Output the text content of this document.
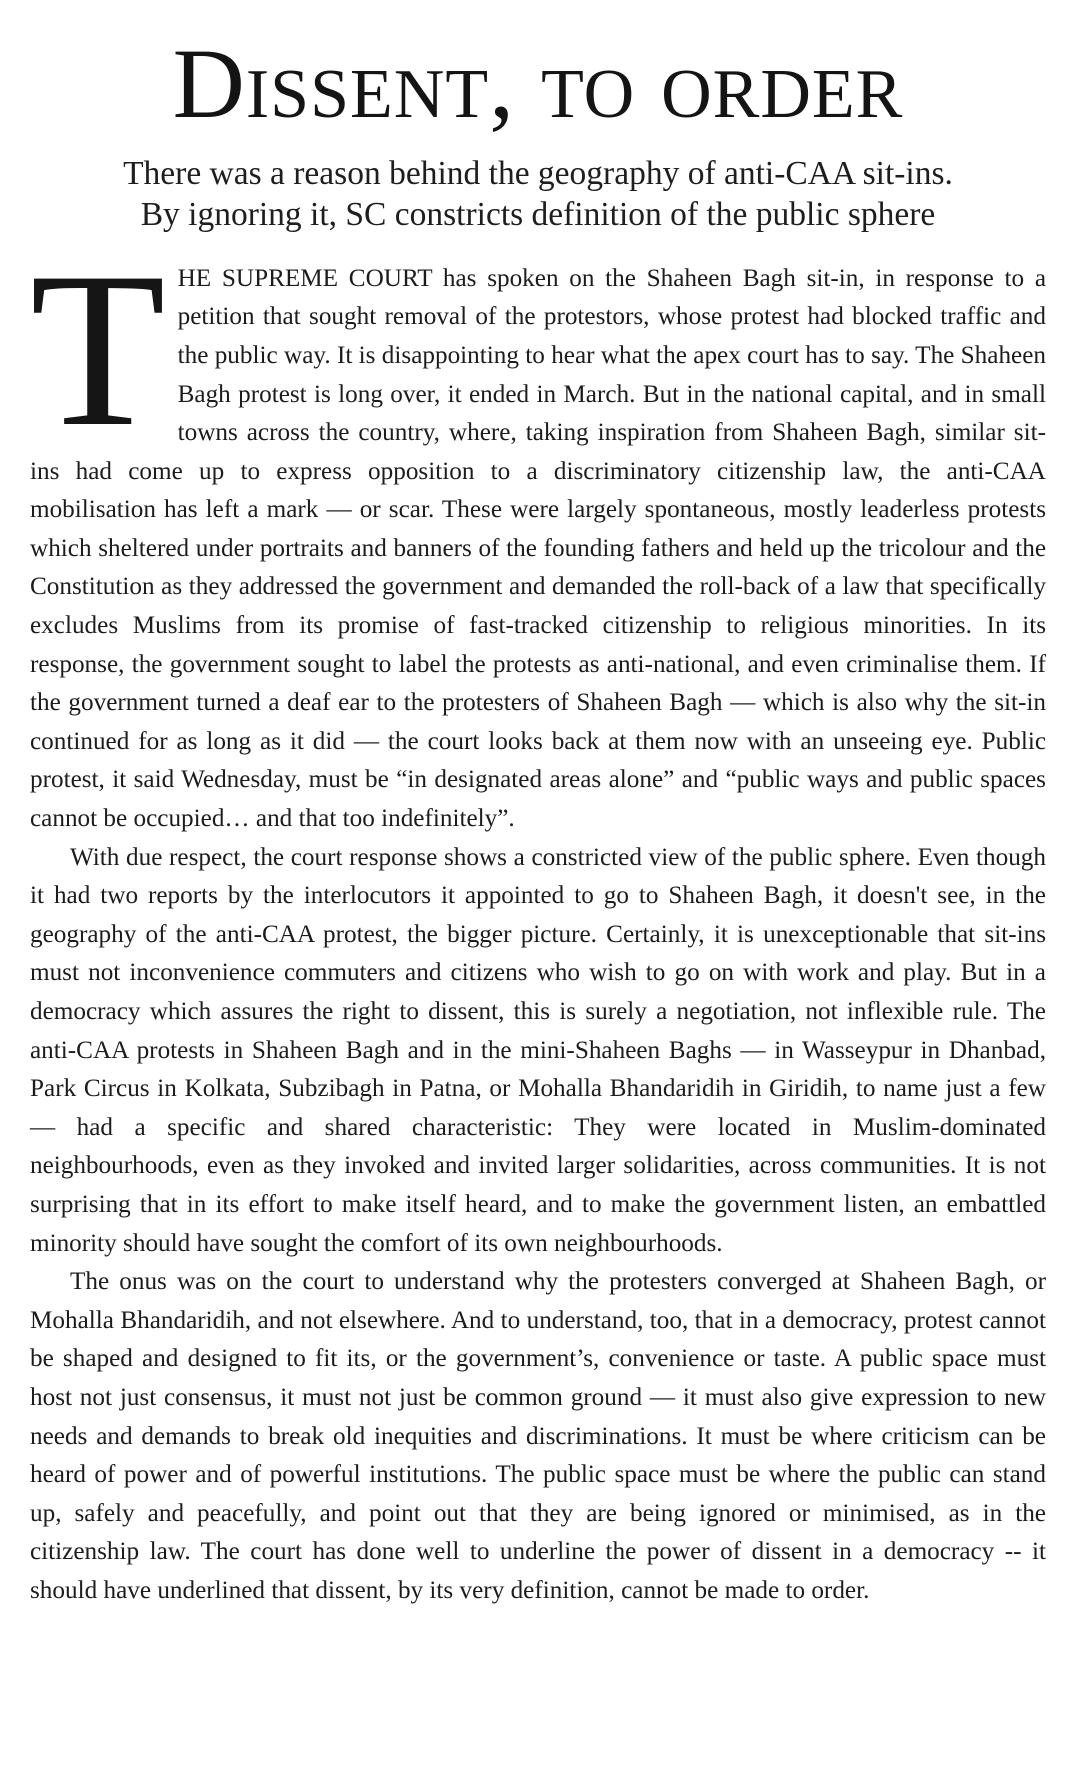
Dissent, to order
There was a reason behind the geography of anti-CAA sit-ins.
By ignoring it, SC constricts definition of the public sphere

THE SUPREME COURT has spoken on the Shaheen Bagh sit-in, in response to a petition that sought removal of the protestors, whose protest had blocked traffic and the public way. It is disappointing to hear what the apex court has to say. The Shaheen Bagh protest is long over, it ended in March. But in the national capital, and in small towns across the country, where, taking inspiration from Shaheen Bagh, similar sit-ins had come up to express opposition to a discriminatory citizenship law, the anti-CAA mobilisation has left a mark — or scar. These were largely spontaneous, mostly leaderless protests which sheltered under portraits and banners of the founding fathers and held up the tricolour and the Constitution as they addressed the government and demanded the roll-back of a law that specifically excludes Muslims from its promise of fast-tracked citizenship to religious minorities. In its response, the government sought to label the protests as anti-national, and even criminalise them. If the government turned a deaf ear to the protesters of Shaheen Bagh — which is also why the sit-in continued for as long as it did — the court looks back at them now with an unseeing eye. Public protest, it said Wednesday, must be “in designated areas alone” and “public ways and public spaces cannot be occupied… and that too indefinitely”.

With due respect, the court response shows a constricted view of the public sphere. Even though it had two reports by the interlocutors it appointed to go to Shaheen Bagh, it doesn't see, in the geography of the anti-CAA protest, the bigger picture. Certainly, it is unexceptionable that sit-ins must not inconvenience commuters and citizens who wish to go on with work and play. But in a democracy which assures the right to dissent, this is surely a negotiation, not inflexible rule. The anti-CAA protests in Shaheen Bagh and in the mini-Shaheen Baghs — in Wasseypur in Dhanbad, Park Circus in Kolkata, Subzibagh in Patna, or Mohalla Bhandaridih in Giridih, to name just a few — had a specific and shared characteristic: They were located in Muslim-dominated neighbourhoods, even as they invoked and invited larger solidarities, across communities. It is not surprising that in its effort to make itself heard, and to make the government listen, an embattled minority should have sought the comfort of its own neighbourhoods.

The onus was on the court to understand why the protesters converged at Shaheen Bagh, or Mohalla Bhandaridih, and not elsewhere. And to understand, too, that in a democracy, protest cannot be shaped and designed to fit its, or the government’s, convenience or taste. A public space must host not just consensus, it must not just be common ground — it must also give expression to new needs and demands to break old inequities and discriminations. It must be where criticism can be heard of power and of powerful institutions. The public space must be where the public can stand up, safely and peacefully, and point out that they are being ignored or minimised, as in the citizenship law. The court has done well to underline the power of dissent in a democracy -- it should have underlined that dissent, by its very definition, cannot be made to order.
